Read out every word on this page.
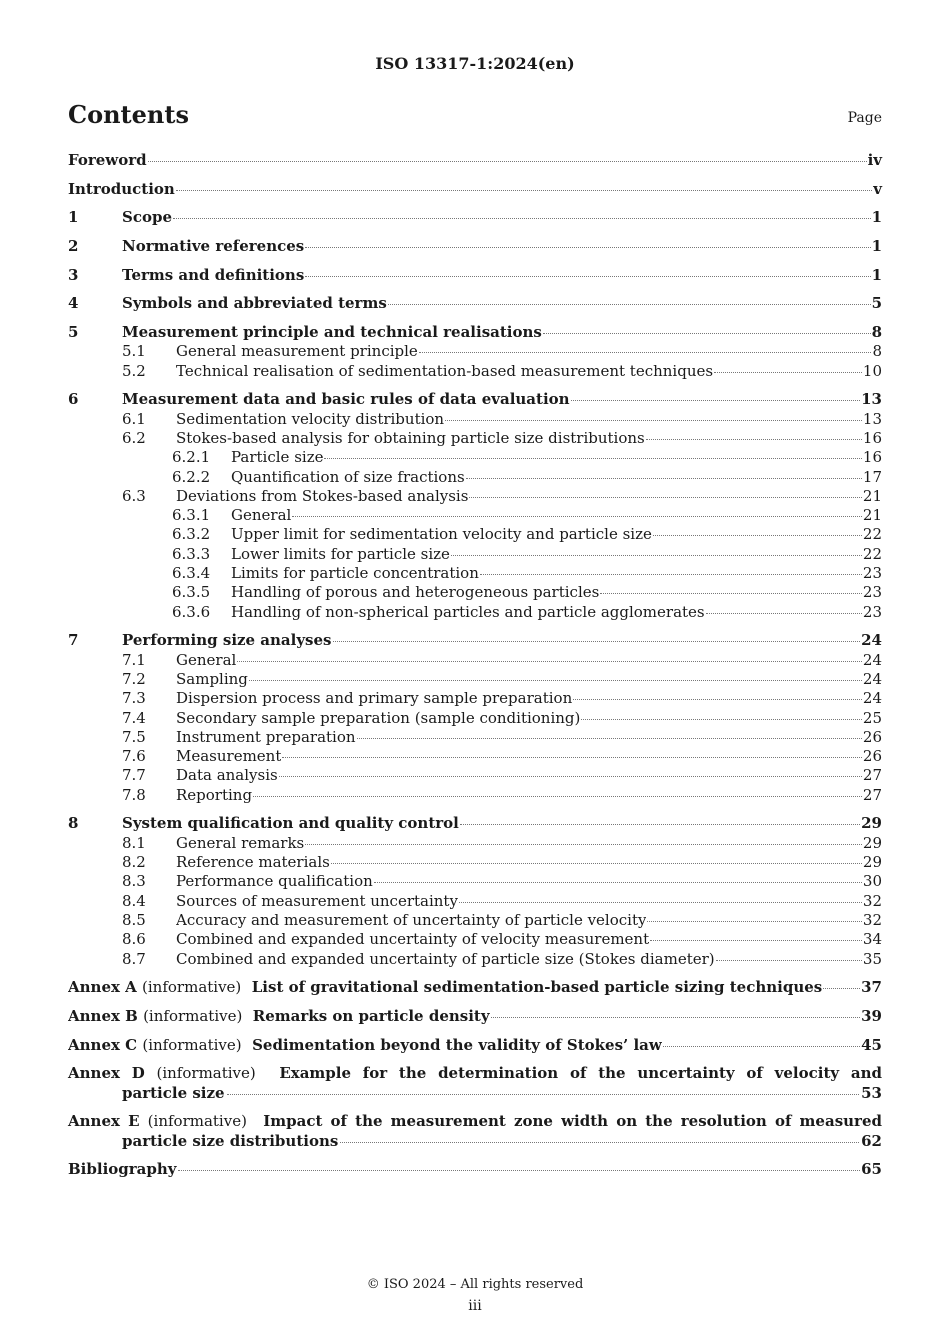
ISO 13317-1:2024(en)
Contents	Page
Foreword	iv
Introduction	v
1	Scope	1
2	Normative references	1
3	Terms and definitions	1
4	Symbols and abbreviated terms	5
5	Measurement principle and technical realisations	8
5.1	General measurement principle	8
5.2	Technical realisation of sedimentation-based measurement techniques	10
6	Measurement data and basic rules of data evaluation	13
6.1	Sedimentation velocity distribution	13
6.2	Stokes-based analysis for obtaining particle size distributions	16
6.2.1	Particle size	16
6.2.2	Quantification of size fractions	17
6.3	Deviations from Stokes-based analysis	21
6.3.1	General	21
6.3.2	Upper limit for sedimentation velocity and particle size	22
6.3.3	Lower limits for particle size	22
6.3.4	Limits for particle concentration	23
6.3.5	Handling of porous and heterogeneous particles	23
6.3.6	Handling of non-spherical particles and particle agglomerates	23
7	Performing size analyses	24
7.1	General	24
7.2	Sampling	24
7.3	Dispersion process and primary sample preparation	24
7.4	Secondary sample preparation (sample conditioning)	25
7.5	Instrument preparation	26
7.6	Measurement	26
7.7	Data analysis	27
7.8	Reporting	27
8	System qualification and quality control	29
8.1	General remarks	29
8.2	Reference materials	29
8.3	Performance qualification	30
8.4	Sources of measurement uncertainty	32
8.5	Accuracy and measurement of uncertainty of particle velocity	32
8.6	Combined and expanded uncertainty of velocity measurement	34
8.7	Combined and expanded uncertainty of particle size (Stokes diameter)	35
Annex A (informative) List of gravitational sedimentation-based particle sizing techniques	37
Annex B (informative) Remarks on particle density	39
Annex C (informative) Sedimentation beyond the validity of Stokes’ law	45
Annex D (informative) Example for the determination of the uncertainty of velocity and
particle size	53
Annex E (informative) Impact of the measurement zone width on the resolution of measured
particle size distributions	62
Bibliography	65
© ISO 2024 – All rights reserved
iii
